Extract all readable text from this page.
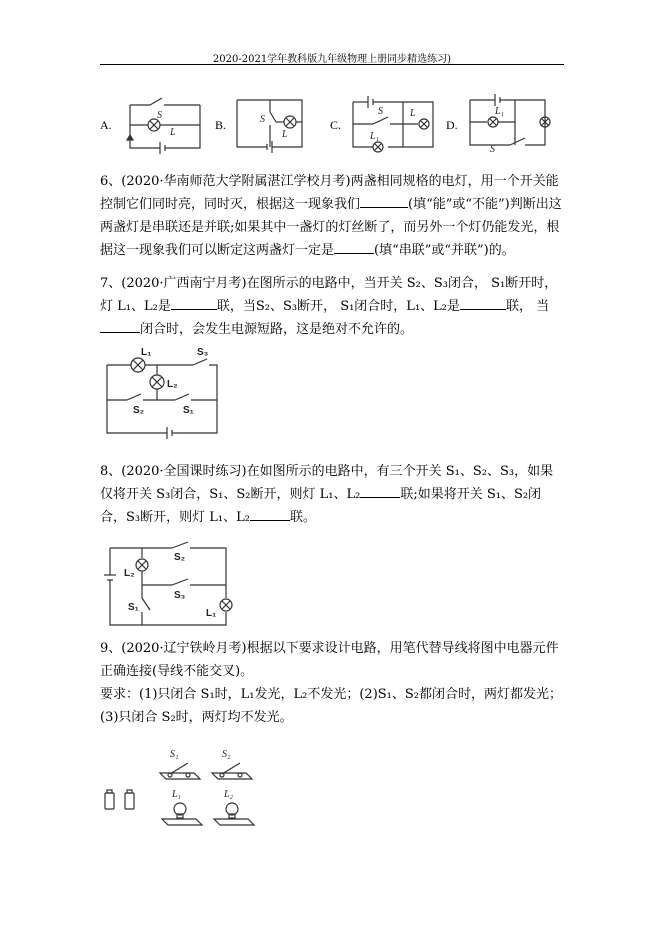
2020-2021学年教科版九年级物理上册同步精选练习)
A.
S
L
B.	S
L
C.
L₁
S	L
D.
S
L₁
6、(2020·华南师范大学附属湛江学校月考)两盏相同规格的电灯，用一个开关能控制它们同时亮，同时灭，根据这一现象我们	(填“能”或“不能”)判断出这两盏灯是串联还是并联;如果其中一盏灯的灯丝断了，而另外一个灯仍能发光，根据这一现象我们可以断定这两盏灯一定是	(填“串联”或“并联”)的。
7、(2020·广西南宁月考)在图所示的电路中，当开关 S₂、S₃闭合， S₁断开时，灯 L₁、L₂是	联，当S₂、S₃断开， S₁闭合时，L₁、L₂是	联， 当闭合时，会发生电源短路，这是绝对不允许的。
L₁	S₃
L₂
S₂	S₁
8、(2020·全国课时练习)在如图所示的电路中，有三个开关 S₁、S₂、S₃，如果仅将开关 S₃闭合，S₁、S₂断开，则灯 L₁、L₂	联;如果将开关 S₁、S₂闭合，S₃断开，则灯 L₁、L₂	联。
S₂
L₂
S₃
S₁
L₁
9、(2020·辽宁铁岭月考)根据以下要求设计电路，用笔代替导线将图中电器元件正确连接(导线不能交叉)。
要求：(1)只闭合 S₁时，L₁发光，L₂不发光；(2)S₁、S₂都闭合时，两灯都发光；(3)只闭合 S₂时，两灯均不发光。
S₁	S₂
L₁	L₂
